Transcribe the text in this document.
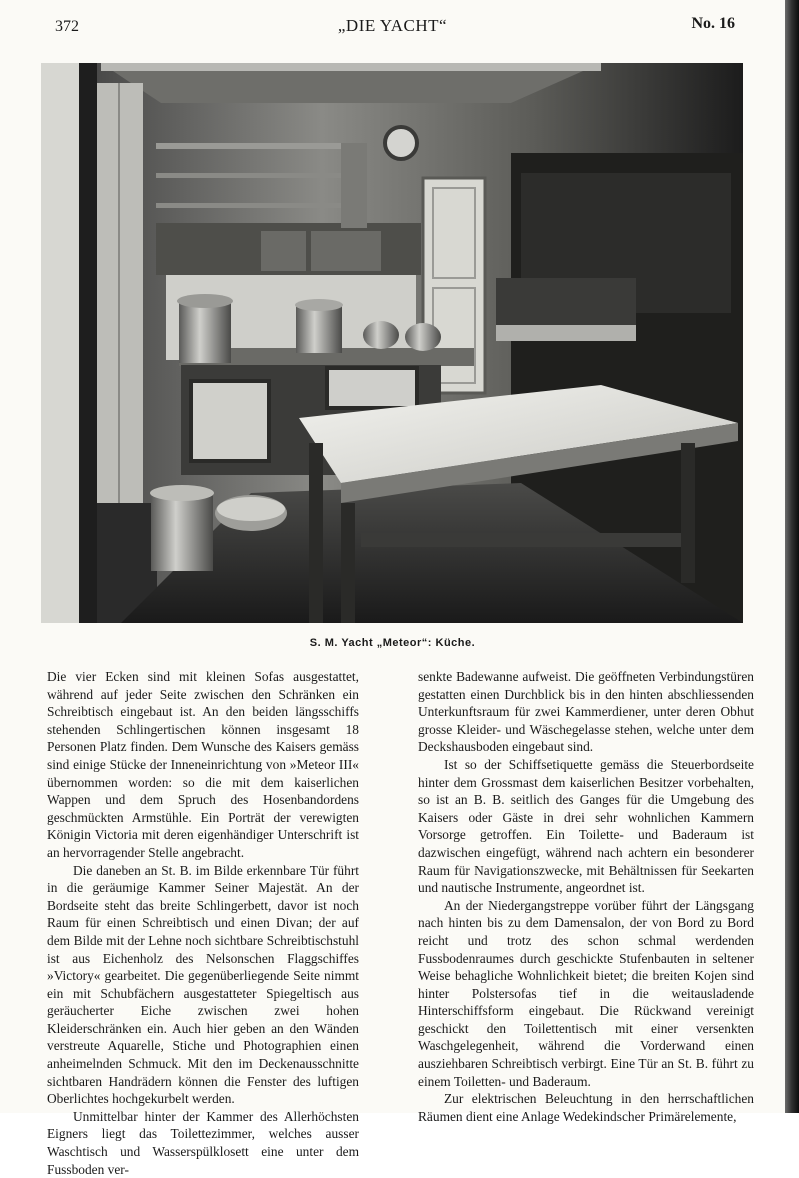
372	„DIE YACHT“	No. 16
S. M. Yacht „Meteor“: Küche.

Die vier Ecken sind mit kleinen Sofas ausgestattet, während auf jeder Seite zwischen den Schränken ein Schreibtisch eingebaut ist. An den beiden längsschiffs stehenden Schlingertischen können insgesamt 18 Personen Platz finden. Dem Wunsche des Kaisers gemäss sind einige Stücke der Inneneinrichtung von »Meteor III« übernommen worden: so die mit dem kaiserlichen Wappen und dem Spruch des Hosenbandordens geschmückten Armstühle. Ein Porträt der verewigten Königin Victoria mit deren eigenhändiger Unterschrift ist an hervorragender Stelle angebracht.

Die daneben an St. B. im Bilde erkennbare Tür führt in die geräumige Kammer Seiner Majestät. An der Bordseite steht das breite Schlingerbett, davor ist noch Raum für einen Schreibtisch und einen Divan; der auf dem Bilde mit der Lehne noch sichtbare Schreibtischstuhl ist aus Eichenholz des Nelsonschen Flaggschiffes »Victory« gearbeitet. Die gegenüberliegende Seite nimmt ein mit Schubfächern ausgestatteter Spiegeltisch aus geräucherter Eiche zwischen zwei hohen Kleiderschränken ein. Auch hier geben an den Wänden verstreute Aquarelle, Stiche und Photographien einen anheimelnden Schmuck. Mit den im Deckenausschnitte sichtbaren Handrädern können die Fenster des luftigen Oberlichtes hochgekurbelt werden.

Unmittelbar hinter der Kammer des Allerhöchsten Eigners liegt das Toilettezimmer, welches ausser Waschtisch und Wasserspülklosett eine unter dem Fussboden ver-

senkte Badewanne aufweist. Die geöffneten Verbindungstüren gestatten einen Durchblick bis in den hinten abschliessenden Unterkunftsraum für zwei Kammerdiener, unter deren Obhut grosse Kleider- und Wäschegelasse stehen, welche unter dem Deckshausboden eingebaut sind.

Ist so der Schiffsetiquette gemäss die Steuerbordseite hinter dem Grossmast dem kaiserlichen Besitzer vorbehalten, so ist an B. B. seitlich des Ganges für die Umgebung des Kaisers oder Gäste in drei sehr wohnlichen Kammern Vorsorge getroffen. Ein Toilette- und Baderaum ist dazwischen eingefügt, während nach achtern ein besonderer Raum für Navigationszwecke, mit Behältnissen für Seekarten und nautische Instrumente, angeordnet ist.

An der Niedergangstreppe vorüber führt der Längsgang nach hinten bis zu dem Damensalon, der von Bord zu Bord reicht und trotz des schon schmal werdenden Fussbodenraumes durch geschickte Stufenbauten in seltener Weise behagliche Wohnlichkeit bietet; die breiten Kojen sind hinter Polstersofas tief in die weitausladende Hinterschiffsform eingebaut. Die Rückwand vereinigt geschickt den Toilettentisch mit einer versenkten Waschgelegenheit, während die Vorderwand einen ausziehbaren Schreibtisch verbirgt. Eine Tür an St. B. führt zu einem Toiletten- und Baderaum.

Zur elektrischen Beleuchtung in den herrschaftlichen Räumen dient eine Anlage Wedekindscher Primärelemente,
